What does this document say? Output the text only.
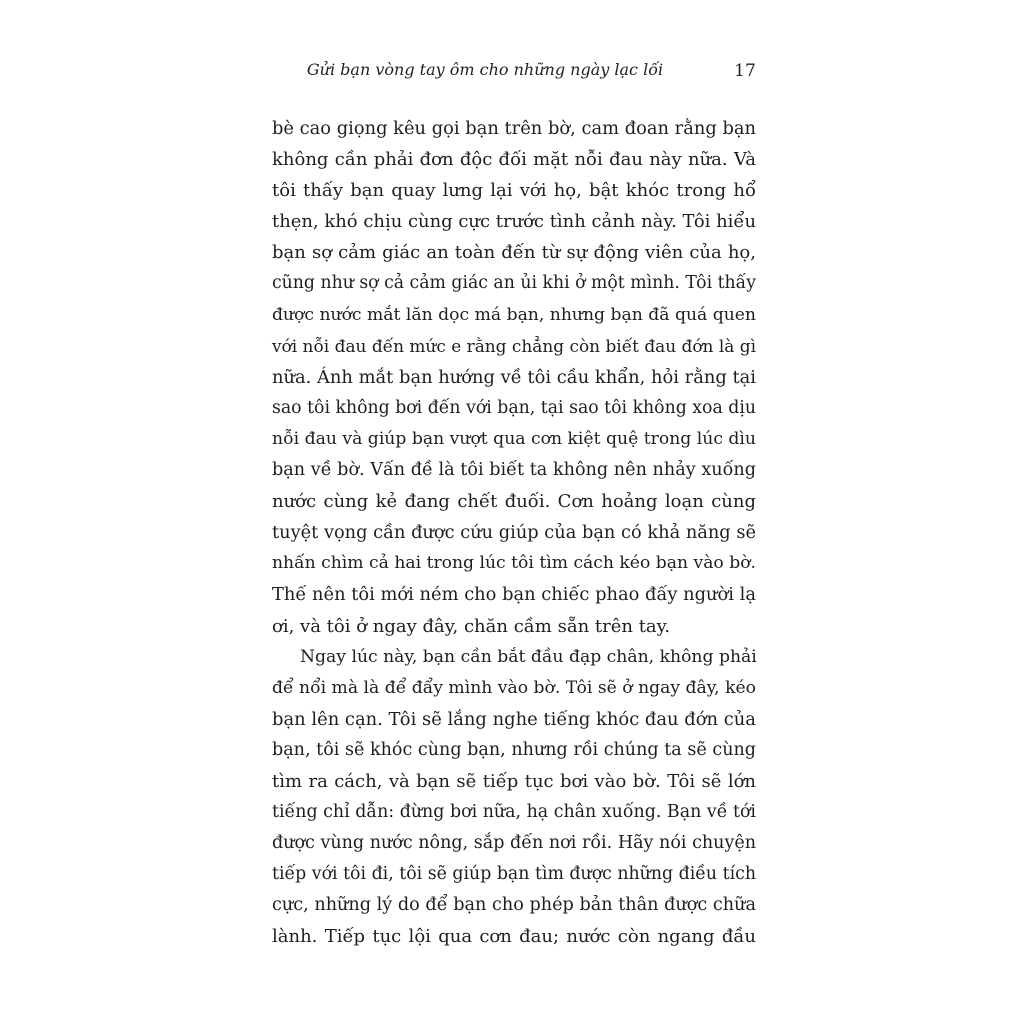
Gửi bạn vòng tay ôm cho những ngày lạc lối	17
bè cao giọng kêu gọi bạn trên bờ, cam đoan rằng bạn
không cần phải đơn độc đối mặt nỗi đau này nữa. Và
tôi thấy bạn quay lưng lại với họ, bật khóc trong hổ
thẹn, khó chịu cùng cực trước tình cảnh này. Tôi hiểu
bạn sợ cảm giác an toàn đến từ sự động viên của họ,
cũng như sợ cả cảm giác an ủi khi ở một mình. Tôi thấy
được nước mắt lăn dọc má bạn, nhưng bạn đã quá quen
với nỗi đau đến mức e rằng chẳng còn biết đau đớn là gì
nữa. Ánh mắt bạn hướng về tôi cầu khẩn, hỏi rằng tại
sao tôi không bơi đến với bạn, tại sao tôi không xoa dịu
nỗi đau và giúp bạn vượt qua cơn kiệt quệ trong lúc dìu
bạn về bờ. Vấn đề là tôi biết ta không nên nhảy xuống
nước cùng kẻ đang chết đuối. Cơn hoảng loạn cùng
tuyệt vọng cần được cứu giúp của bạn có khả năng sẽ
nhấn chìm cả hai trong lúc tôi tìm cách kéo bạn vào bờ.
Thế nên tôi mới ném cho bạn chiếc phao đấy người lạ
ơi, và tôi ở ngay đây, chăn cầm sẵn trên tay.
Ngay lúc này, bạn cần bắt đầu đạp chân, không phải
để nổi mà là để đẩy mình vào bờ. Tôi sẽ ở ngay đây, kéo
bạn lên cạn. Tôi sẽ lắng nghe tiếng khóc đau đớn của
bạn, tôi sẽ khóc cùng bạn, nhưng rồi chúng ta sẽ cùng
tìm ra cách, và bạn sẽ tiếp tục bơi vào bờ. Tôi sẽ lớn
tiếng chỉ dẫn: đừng bơi nữa, hạ chân xuống. Bạn về tới
được vùng nước nông, sắp đến nơi rồi. Hãy nói chuyện
tiếp với tôi đi, tôi sẽ giúp bạn tìm được những điều tích
cực, những lý do để bạn cho phép bản thân được chữa
lành. Tiếp tục lội qua cơn đau; nước còn ngang đầu
